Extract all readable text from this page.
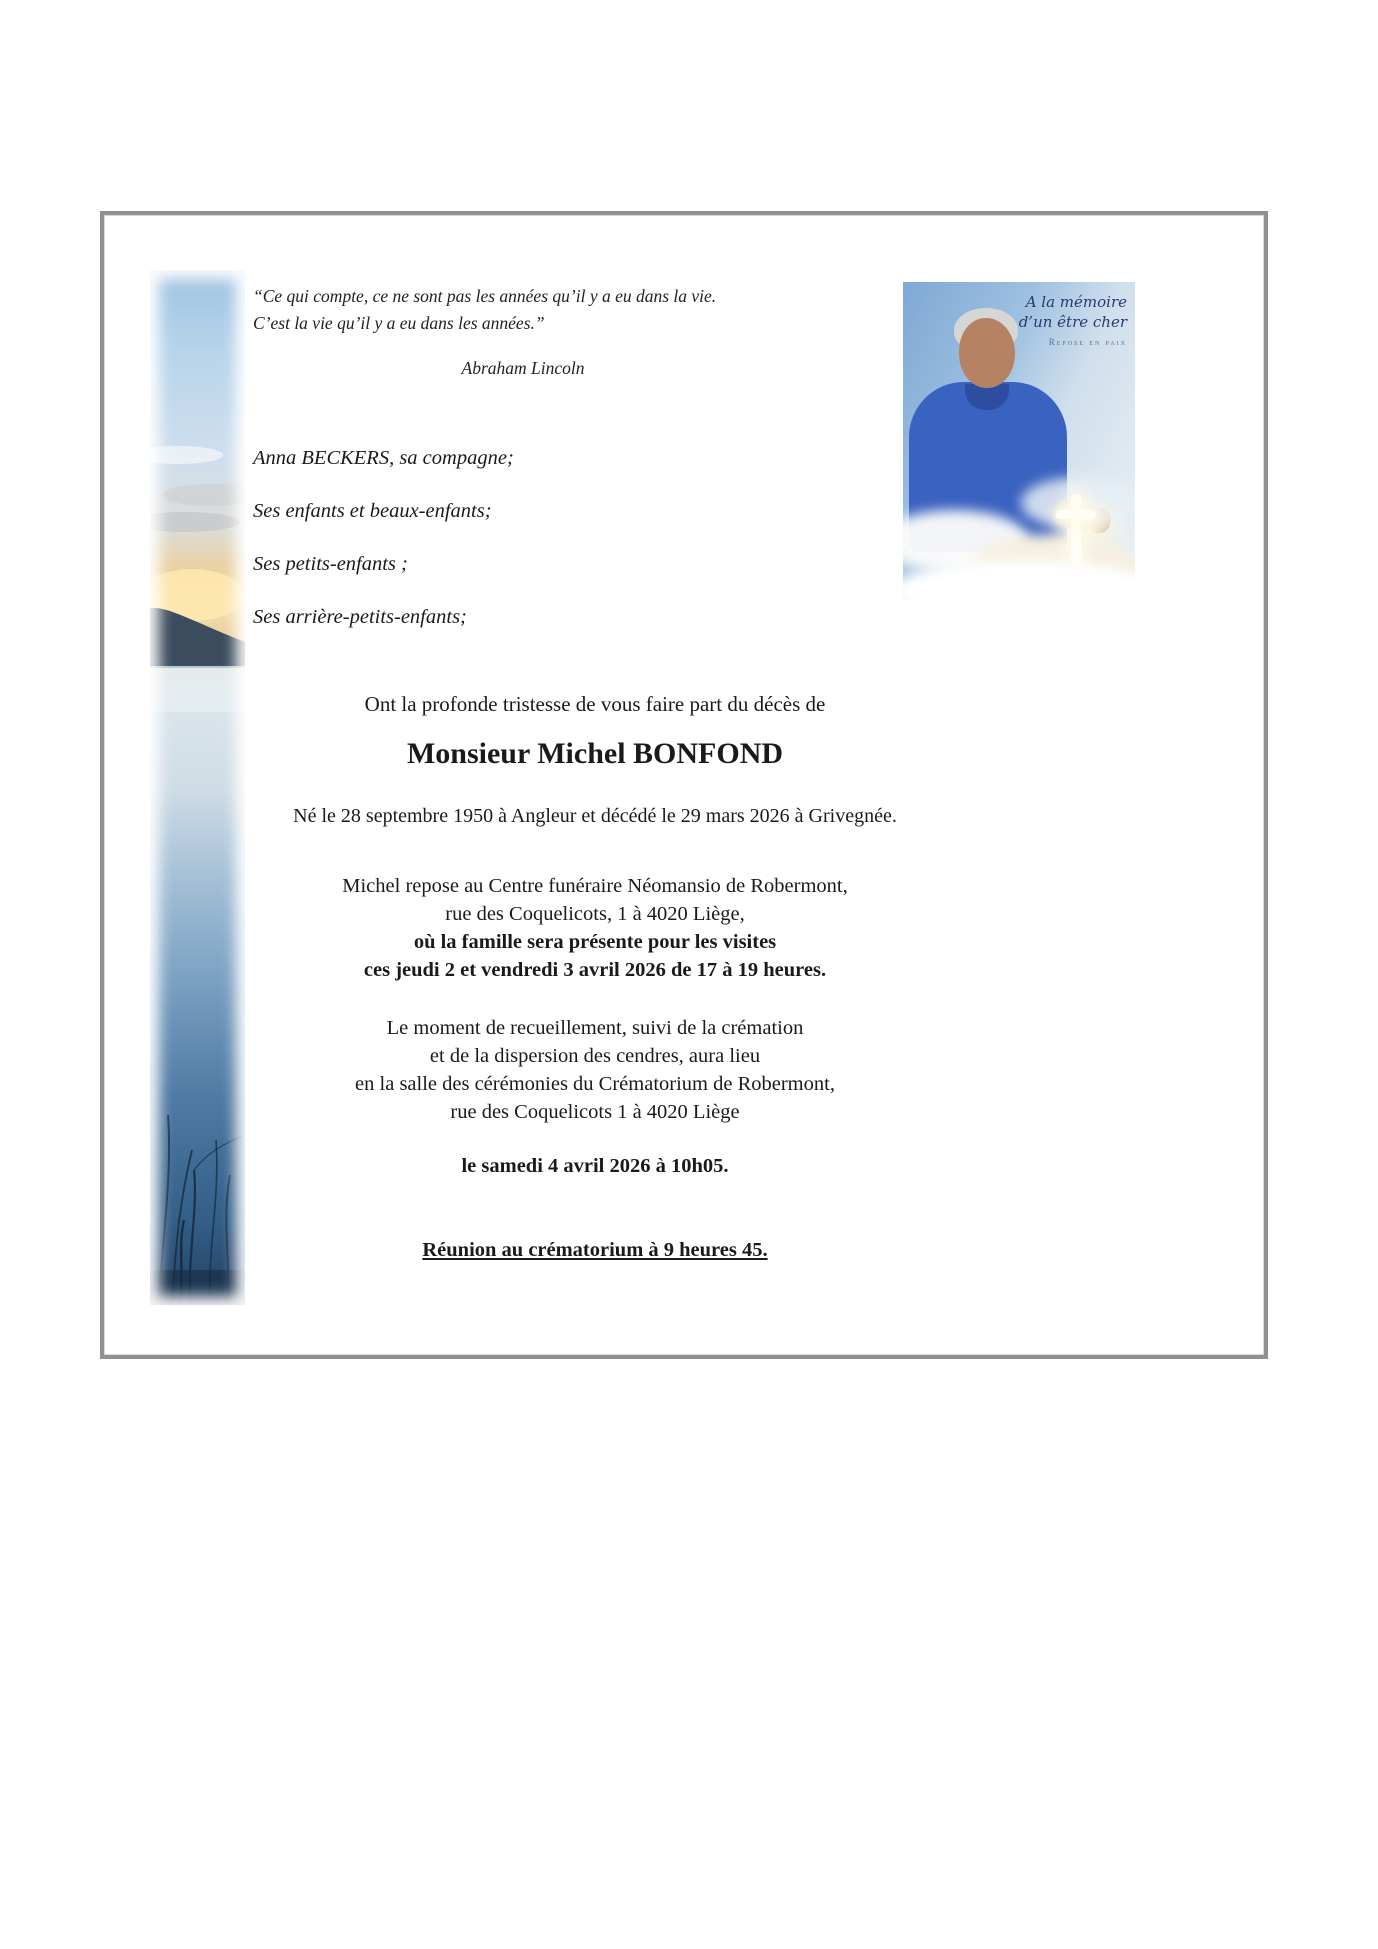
“Ce qui compte, ce ne sont pas les années qu’il y a eu dans la vie.
C’est la vie qu’il y a eu dans les années.”
Abraham Lincoln
A la mémoire
d’un être cher
Repose en paix

Anna BECKERS, sa compagne;

Ses enfants et beaux-enfants;

Ses petits-enfants ;

Ses arrière-petits-enfants;

Ont la profonde tristesse de vous faire part du décès de

Monsieur Michel BONFOND

Né le 28 septembre 1950 à Angleur et décédé le 29 mars 2026 à Grivegnée.

Michel repose au Centre funéraire Néomansio de Robermont,
rue des Coquelicots, 1 à 4020 Liège,
où la famille sera présente pour les visites
ces jeudi 2 et vendredi 3 avril 2026 de 17 à 19 heures.
Le moment de recueillement, suivi de la crémation
et de la dispersion des cendres, aura lieu
en la salle des cérémonies du Crématorium de Robermont,
rue des Coquelicots 1 à 4020 Liège

le samedi 4 avril 2026 à 10h05.

Réunion au crématorium à 9 heures 45.
